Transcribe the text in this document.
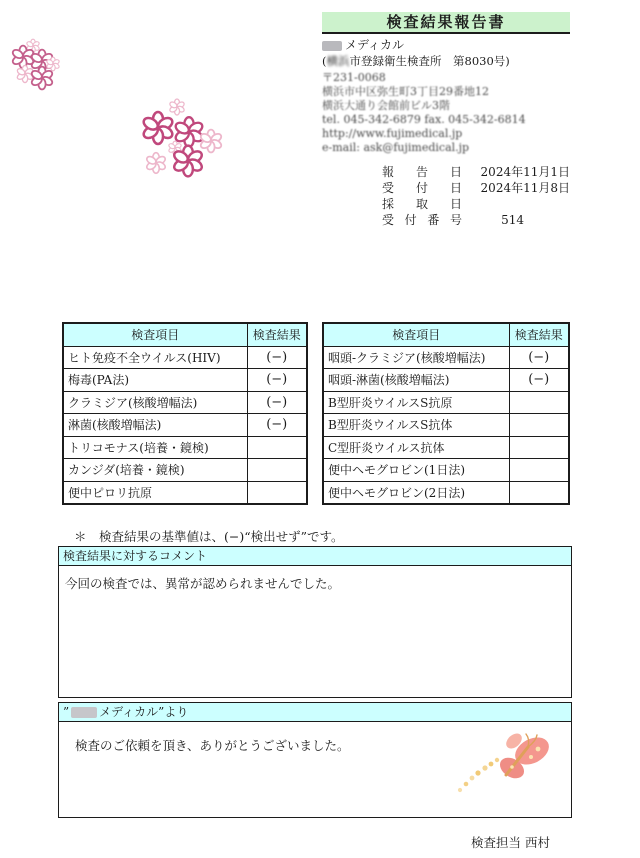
検査結果報告書
メディカル
(横浜市登録衛生検査所　第8030号)
〒231-0068
横浜市中区弥生町3丁目29番地12
横浜大通り会館前ビル3階
tel. 045-342-6879 fax. 045-342-6814
http://www.fujimedical.jp
e-mail: ask@fujimedical.jp
報告日 2024年11月1日
受付日 2024年11月8日
採取日
受付番号	514
検査項目	検査結果
ヒト免疫不全ウイルス(HIV)	(−)
梅毒(PA法)	(−)
クラミジア(核酸増幅法)	(−)
淋菌(核酸増幅法)	(−)
トリコモナス(培養・鏡検)	
カンジダ(培養・鏡検)	
便中ピロリ抗原	
検査項目	検査結果
咽頭-クラミジア(核酸増幅法)	(−)
咽頭-淋菌(核酸増幅法)	(−)
B型肝炎ウイルスS抗原	
B型肝炎ウイルスS抗体	
C型肝炎ウイルス抗体	
便中ヘモグロビン(1日法)	
便中ヘモグロビン(2日法)	
＊　検査結果の基準値は、(−)“検出せず”です。
検査結果に対するコメント
今回の検査では、異常が認められませんでした。
”	メディカル”より
検査のご依頼を頂き、ありがとうございました。
検査担当 西村
